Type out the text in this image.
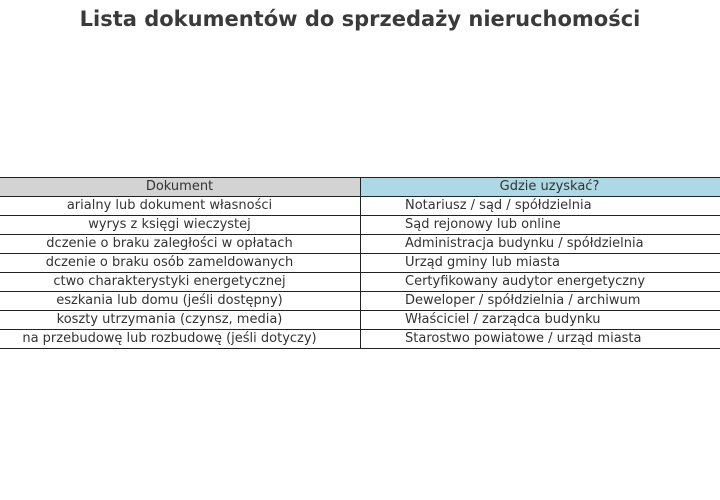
Lista dokumentów do sprzedaży nieruchomości
Dokument	Gdzie uzyskać?
arialny lub dokument własności	Notariusz / sąd / spółdzielnia
wyrys z księgi wieczystej	Sąd rejonowy lub online
dczenie o braku zaległości w opłatach	Administracja budynku / spółdzielnia
dczenie o braku osób zameldowanych	Urząd gminy lub miasta
ctwo charakterystyki energetycznej	Certyfikowany audytor energetyczny
eszkania lub domu (jeśli dostępny)	Deweloper / spółdzielnia / archiwum
koszty utrzymania (czynsz, media)	Właściciel / zarządca budynku
na przebudowę lub rozbudowę (jeśli dotyczy)	Starostwo powiatowe / urząd miasta
